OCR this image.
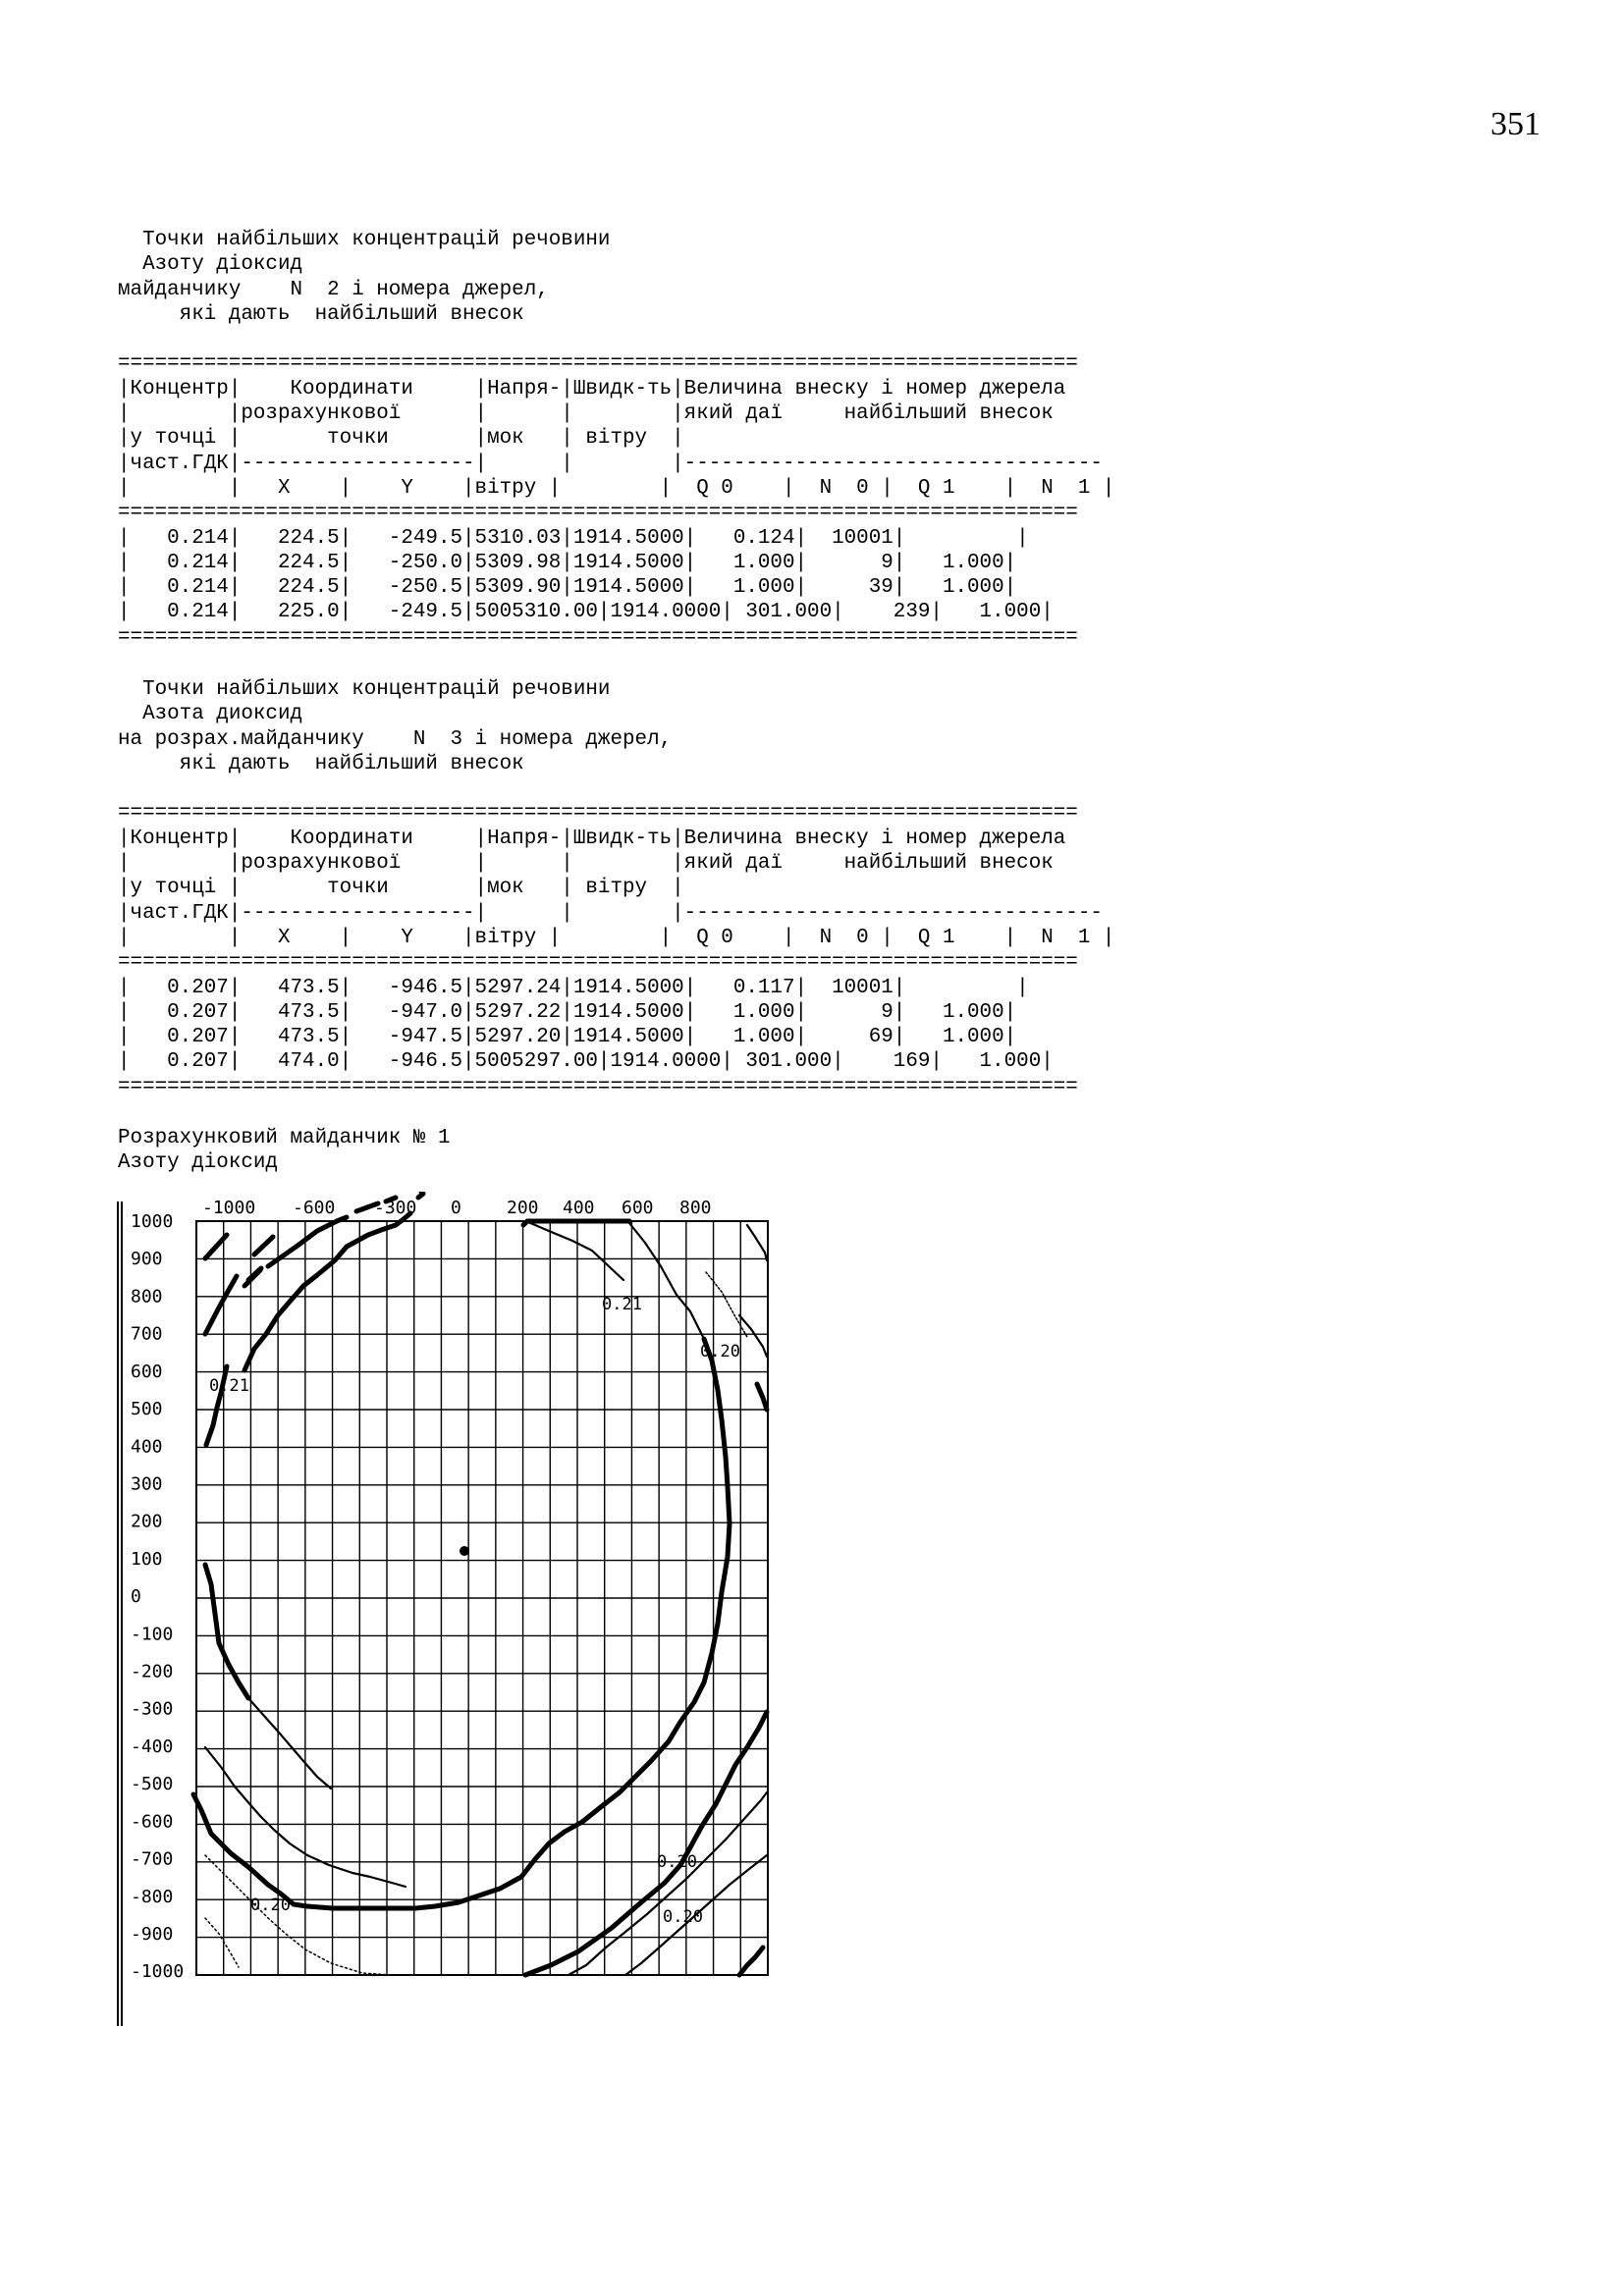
351
Точки найбільших концентрацій речовини
Азоту діоксид
майданчику    N  2 і номера джерел,
які дають  найбільший внесок

==============================================================================
|Концентр|    Координати     |Напря-|Швидк-ть|Величина внеску і номер джерела
|        |розрахункової      |      |        |який даї     найбільший внесок
|у точці |       точки       |мок   | вітру  |
|част.ГДК|-------------------|      |        |----------------------------------
|        |   X    |    Y    |вітру |        |  Q 0    |  N  0 |  Q 1    |  N  1 |
==============================================================================
|   0.214|   224.5|   -249.5|5310.03|1914.5000|   0.124|  10001|         |
|   0.214|   224.5|   -250.0|5309.98|1914.5000|   1.000|      9|   1.000|
|   0.214|   224.5|   -250.5|5309.90|1914.5000|   1.000|     39|   1.000|
|   0.214|   225.0|   -249.5|5005310.00|1914.0000| 301.000|    239|   1.000|
==============================================================================
Точки найбільших концентрацій речовини
Азота диоксид
на розрах.майданчику    N  3 і номера джерел,
які дають  найбільший внесок

==============================================================================
|Концентр|    Координати     |Напря-|Швидк-ть|Величина внеску і номер джерела
|        |розрахункової      |      |        |який даї     найбільший внесок
|у точці |       точки       |мок   | вітру  |
|част.ГДК|-------------------|      |        |----------------------------------
|        |   X    |    Y    |вітру |        |  Q 0    |  N  0 |  Q 1    |  N  1 |
==============================================================================
|   0.207|   473.5|   -946.5|5297.24|1914.5000|   0.117|  10001|         |
|   0.207|   473.5|   -947.0|5297.22|1914.5000|   1.000|      9|   1.000|
|   0.207|   473.5|   -947.5|5297.20|1914.5000|   1.000|     69|   1.000|
|   0.207|   474.0|   -946.5|5005297.00|1914.0000| 301.000|    169|   1.000|
==============================================================================
Розрахунковий майданчик № 1
Азоту діоксид
-1000 -600 -300 0	200 400 600 800
1000
900
800
700
600
500
400
300
200
100
0
-100
-200
-300
-400
-500
-600
-700
-800
-900
-1000
0.21
0.20
0.21
0.20
0.20
0.20
